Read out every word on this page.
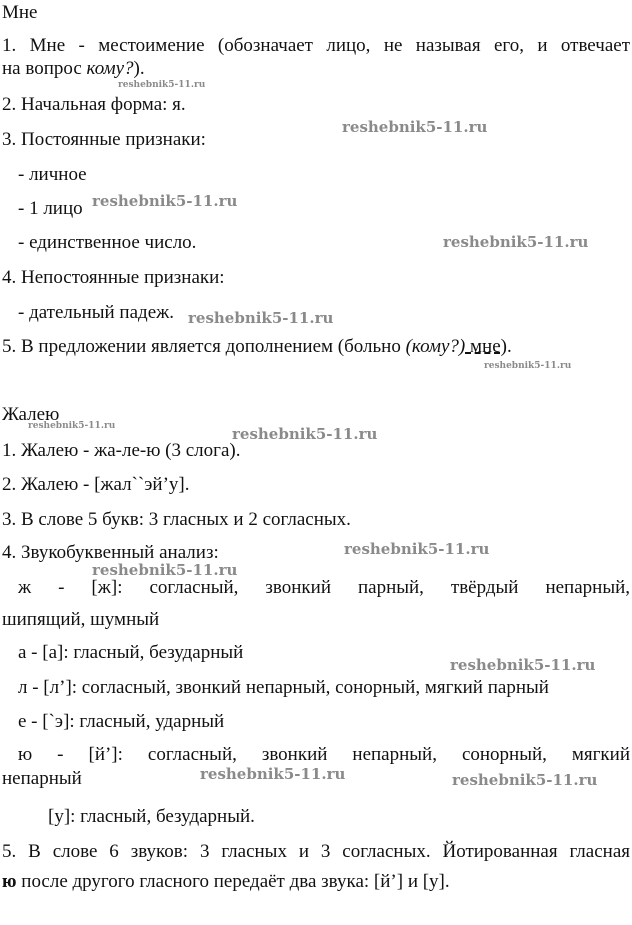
Мне
1. Мне - местоимение (обозначает лицо, не называя его, и отвечает
на вопрос кому?).
2. Начальная форма: я.
3. Постоянные признаки:
- личное
- 1 лицо
- единственное число.
4. Непостоянные признаки:
- дательный падеж.
5. В предложении является дополнением (больно (кому?) мне).
Жалею
1. Жалею - жа-ле-ю (3 слога).
2. Жалею - [жал``эй’у].
3. В слове 5 букв: 3 гласных и 2 согласных.
4. Звукобуквенный анализ:
ж - [ж]: согласный, звонкий парный, твёрдый непарный,
шипящий, шумный
а - [а]: гласный, безударный
л - [л’]: согласный, звонкий непарный, сонорный, мягкий парный
е - [`э]: гласный, ударный
ю - [й’]: согласный, звонкий непарный, сонорный, мягкий
непарный
[у]: гласный, безударный.
5. В слове 6 звуков: 3 гласных и 3 согласных. Йотированная гласная
ю после другого гласного передаёт два звука: [й’] и [у].
reshebnik5-11.ru
reshebnik5-11.ru
reshebnik5-11.ru
reshebnik5-11.ru
reshebnik5-11.ru
reshebnik5-11.ru
reshebnik5-11.ru	reshebnik5-11.ru
reshebnik5-11.ru
reshebnik5-11.ru
reshebnik5-11.ru
reshebnik5-11.ru	reshebnik5-11.ru
